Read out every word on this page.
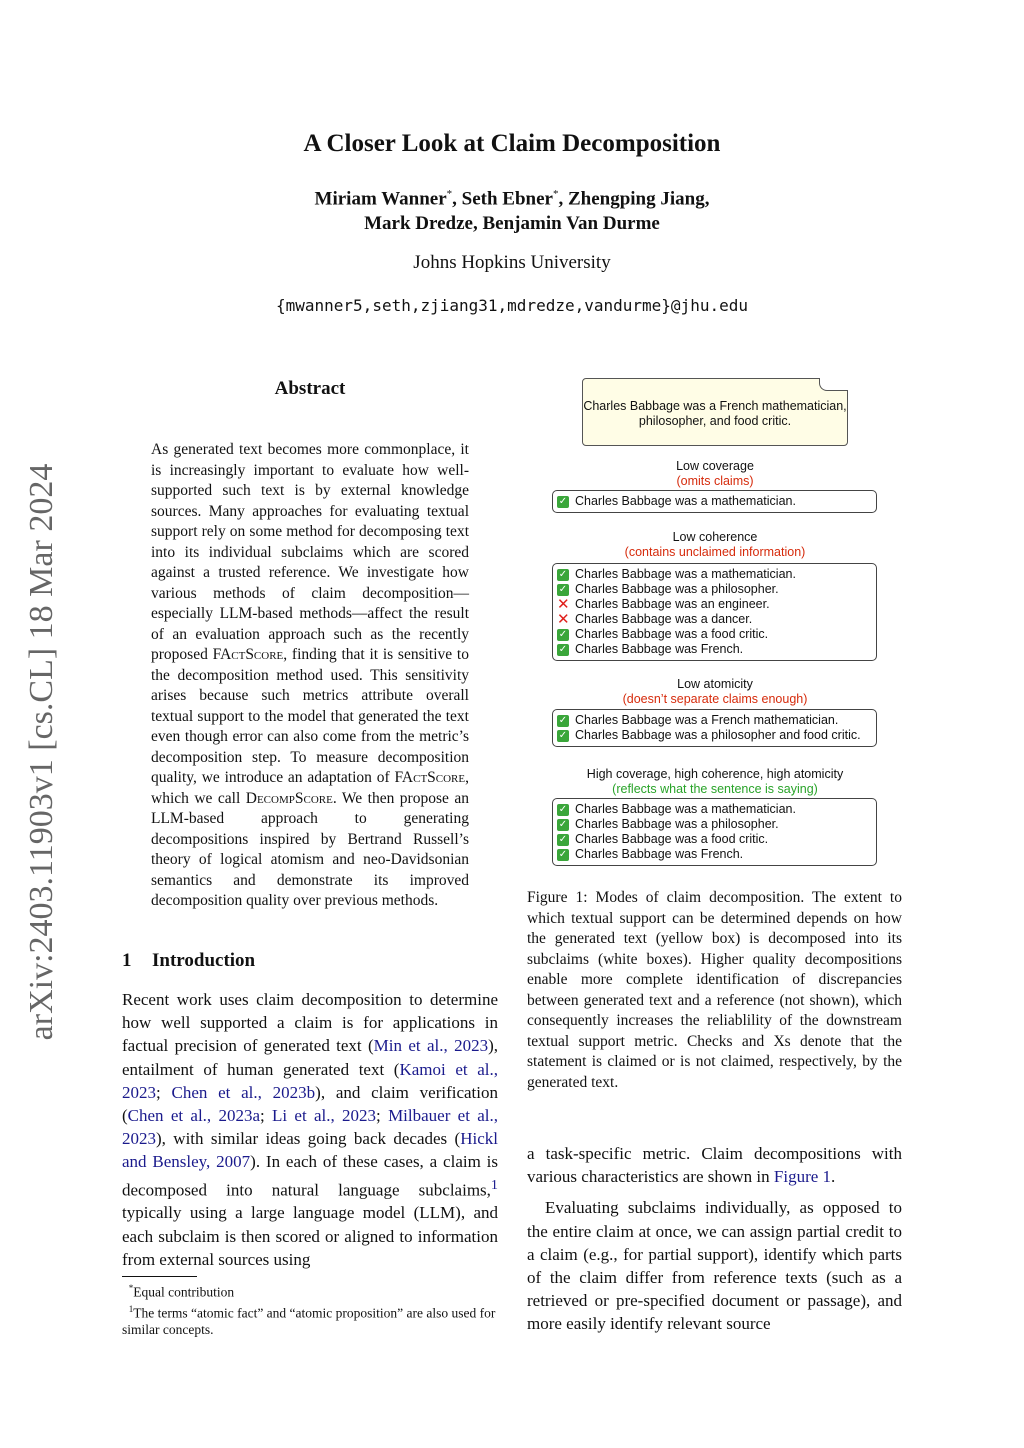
A Closer Look at Claim Decomposition
Miriam Wanner*, Seth Ebner*, Zhengping Jiang,
Mark Dredze, Benjamin Van Durme
Johns Hopkins University
{mwanner5,seth,zjiang31,mdredze,vandurme}@jhu.edu
arXiv:2403.11903v1 [cs.CL] 18 Mar 2024
Abstract
As generated text becomes more commonplace, it is increasingly important to evaluate how well-supported such text is by external knowledge sources. Many approaches for evaluating textual support rely on some method for decomposing text into its individual subclaims which are scored against a trusted reference. We investigate how various methods of claim decomposition—especially LLM-based methods—affect the result of an evaluation approach such as the recently proposed FActScore, finding that it is sensitive to the decomposition method used. This sensitivity arises because such metrics attribute overall textual support to the model that generated the text even though error can also come from the metric’s decomposition step. To measure decomposition quality, we introduce an adaptation of FActScore, which we call DecompScore. We then propose an LLM-based approach to generating decompositions inspired by Bertrand Russell’s theory of logical atomism and neo-Davidsonian semantics and demonstrate its improved decomposition quality over previous methods.
1 Introduction
Recent work uses claim decomposition to determine how well supported a claim is for applications in factual precision of generated text (Min et al., 2023), entailment of human generated text (Kamoi et al., 2023; Chen et al., 2023b), and claim verification (Chen et al., 2023a; Li et al., 2023; Milbauer et al., 2023), with similar ideas going back decades (Hickl and Bensley, 2007). In each of these cases, a claim is decomposed into natural language subclaims,$^1$ typically using a large language model (LLM), and each subclaim is then scored or aligned to information from external sources using
*Equal contribution
$^1$The terms “atomic fact” and “atomic proposition” are also used for similar concepts.
Charles Babbage was a French mathematician, philosopher, and food critic.
Low coverage
(omits claims)
✓ Charles Babbage was a mathematician.
Low coherence
(contains unclaimed information)
✓ Charles Babbage was a mathematician.
✓ Charles Babbage was a philosopher.
✕ Charles Babbage was an engineer.
✕ Charles Babbage was a dancer.
✓ Charles Babbage was a food critic.
✓ Charles Babbage was French.
Low atomicity
(doesn’t separate claims enough)
✓ Charles Babbage was a French mathematician.
✓ Charles Babbage was a philosopher and food critic.
High coverage, high coherence, high atomicity
(reflects what the sentence is saying)
✓ Charles Babbage was a mathematician.
✓ Charles Babbage was a philosopher.
✓ Charles Babbage was a food critic.
✓ Charles Babbage was French.
Figure 1: Modes of claim decomposition. The extent to which textual support can be determined depends on how the generated text (yellow box) is decomposed into its subclaims (white boxes). Higher quality decompositions enable more complete identification of discrepancies between generated text and a reference (not shown), which consequently increases the reliablility of the downstream textual support metric. Checks and Xs denote that the statement is claimed or is not claimed, respectively, by the generated text.

a task-specific metric. Claim decompositions with various characteristics are shown in Figure 1.

Evaluating subclaims individually, as opposed to the entire claim at once, we can assign partial credit to a claim (e.g., for partial support), identify which parts of the claim differ from reference texts (such as a retrieved or pre-specified document or passage), and more easily identify relevant source
